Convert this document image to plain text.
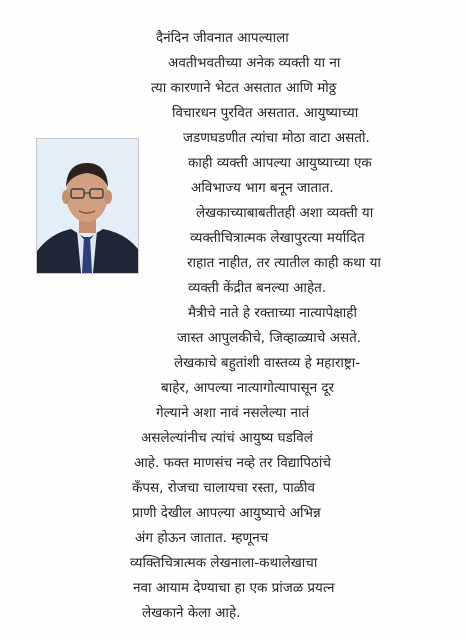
दैनंदिन जीवनात आपल्याला
अवतीभवतीच्या अनेक व्यक्ती या ना
त्या कारणाने भेटत असतात आणि मोठ्ठ
विचारधन पुरवित असतात. आयुष्याच्या
जडणघडणीत त्यांचा मोठा वाटा असतो.
काही व्यक्ती आपल्या आयुष्याच्या एक
अविभाज्य भाग बनून जातात.
लेखकाच्याबाबतीतही अशा व्यक्ती या
व्यक्तीचित्रात्मक लेखापुरत्या मर्यादित
राहात नाहीत, तर त्यातील काही कथा या
व्यक्ती केंद्रीत बनल्या आहेत.
मैत्रीचे नाते हे रक्ताच्या नात्यापेक्षाही
जास्त आपुलकीचे, जिव्हाळ्याचे असते.
लेखकाचे बहुतांशी वास्तव्य हे महाराष्ट्रा-
बाहेर, आपल्या नात्यागोत्यापासून दूर
गेल्याने अशा नावं नसलेल्या नातं
असलेल्यांनीच त्यांचं आयुष्य घडविलं
आहे. फक्त माणसंच नव्हे तर विद्यापिठांचे
कॅंपस, रोजचा चालायचा रस्ता, पाळीव
प्राणी देखील आपल्या आयुष्याचे अभिन्न
अंग होऊन जातात. म्हणूनच
व्यक्तिचित्रात्मक लेखनाला-कथालेखाचा
नवा आयाम देण्याचा हा एक प्रांजळ प्रयत्न
लेखकाने केला आहे.
